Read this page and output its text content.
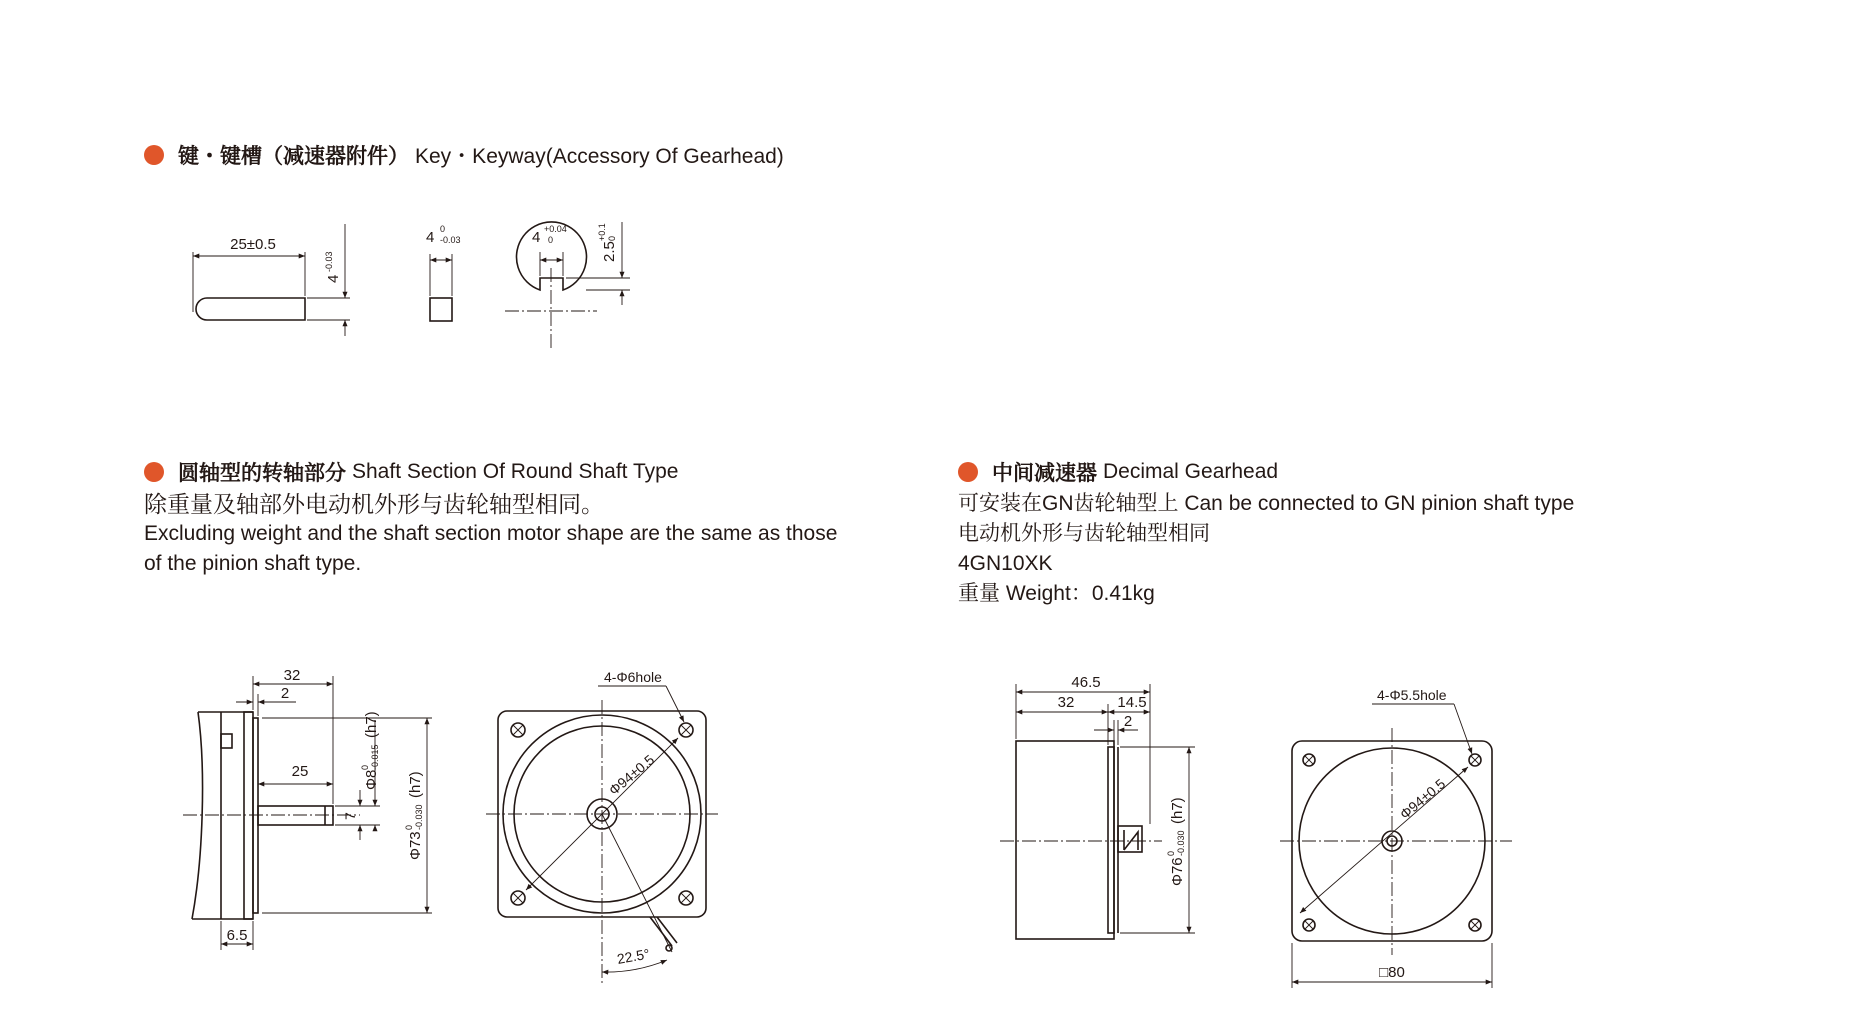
键・键槽（减速器附件） Key・Keyway(Accessory Of Gearhead)
圆轴型的转轴部分 Shaft Section Of Round Shaft Type
除重量及轴部外电动机外形与齿轮轴型相同。
Excluding weight and the shaft section motor shape are the same as those
of the pinion shaft type.
中间减速器 Decimal Gearhead
可安装在GN齿轮轴型上 Can be connected to GN pinion shaft type
电动机外形与齿轮轴型相同
4GN10XK
重量 Weight：0.41kg
25±0.5
4
-0.03
4 0
-0.03	4 +0.04
0
2.5
+0.1 0
32
2
25
7
Φ8
0 -0.015
(h7)
Φ73
0 -0.030
(h7)
6.5
Φ94±0.5
4-Φ6hole
22.5°
46.5
32	14.5
2
Φ76
0 -0.030
(h7)	Φ94±0.5
4-Φ5.5hole
□80
